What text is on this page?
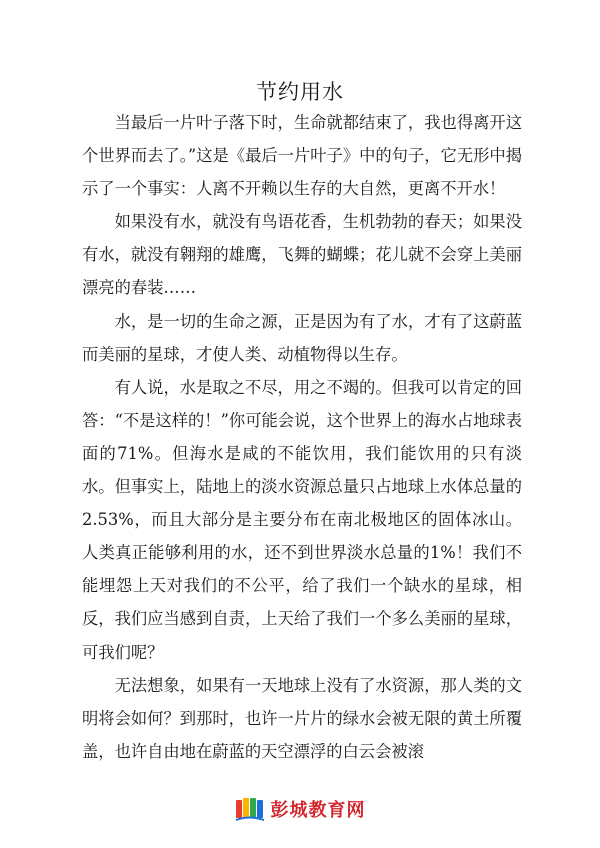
节约用水

当最后一片叶子落下时，生命就都结束了，我也得离开这个世界而去了。”这是《最后一片叶子》中的句子，它无形中揭示了一个事实：人离不开赖以生存的大自然，更离不开水！

如果没有水，就没有鸟语花香，生机勃勃的春天；如果没有水，就没有翱翔的雄鹰，飞舞的蝴蝶；花儿就不会穿上美丽漂亮的春装……

水，是一切的生命之源，正是因为有了水，才有了这蔚蓝而美丽的星球，才使人类、动植物得以生存。

有人说，水是取之不尽，用之不竭的。但我可以肯定的回答：“不是这样的！”你可能会说，这个世界上的海水占地球表面的71%。但海水是咸的不能饮用，我们能饮用的只有淡水。但事实上，陆地上的淡水资源总量只占地球上水体总量的2.53%，而且大部分是主要分布在南北极地区的固体冰山。人类真正能够利用的水，还不到世界淡水总量的1%！我们不能埋怨上天对我们的不公平，给了我们一个缺水的星球，相反，我们应当感到自责，上天给了我们一个多么美丽的星球，可我们呢？

无法想象，如果有一天地球上没有了水资源，那人类的文明将会如何？到那时，也许一片片的绿水会被无限的黄土所覆盖，也许自由地在蔚蓝的天空漂浮的白云会被滚

彭城教育网
